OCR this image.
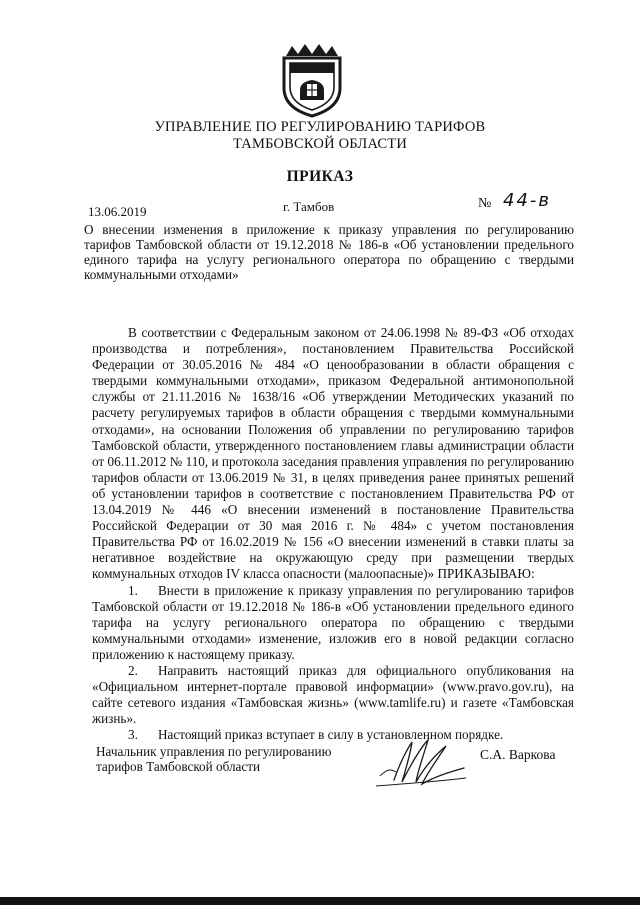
УПРАВЛЕНИЕ ПО РЕГУЛИРОВАНИЮ ТАРИФОВ
ТАМБОВСКОЙ ОБЛАСТИ
ПРИКАЗ
13.06.2019	г. Тамбов	№ 44-в
О внесении изменения в приложение к приказу управления по регулированию тарифов Тамбовской области от 19.12.2018 № 186-в «Об установлении предельного единого тарифа на услугу регионального оператора по обращению с твердыми коммунальными отходами»

В соответствии с Федеральным законом от 24.06.1998 № 89-ФЗ «Об отходах производства и потребления», постановлением Правительства Российской Федерации от 30.05.2016 № 484 «О ценообразовании в области обращения с твердыми коммунальными отходами», приказом Федеральной антимонопольной службы от 21.11.2016 № 1638/16 «Об утверждении Методических указаний по расчету регулируемых тарифов в области обращения с твердыми коммунальными отходами», на основании Положения об управлении по регулированию тарифов Тамбовской области, утвержденного постановлением главы администрации области от 06.11.2012 № 110, и протокола заседания правления управления по регулированию тарифов области от 13.06.2019 № 31, в целях приведения ранее принятых решений об установлении тарифов в соответствие с постановлением Правительства РФ от 13.04.2019 № 446 «О внесении изменений в постановление Правительства Российской Федерации от 30 мая 2016 г. № 484» с учетом постановления Правительства РФ от 16.02.2019 № 156 «О внесении изменений в ставки платы за негативное воздействие на окружающую среду при размещении твердых коммунальных отходов IV класса опасности (малоопасные)» ПРИКАЗЫВАЮ:

1. Внести в приложение к приказу управления по регулированию тарифов Тамбовской области от 19.12.2018 № 186-в «Об установлении предельного единого тарифа на услугу регионального оператора по обращению с твердыми коммунальными отходами» изменение, изложив его в новой редакции согласно приложению к настоящему приказу.

2. Направить настоящий приказ для официального опубликования на «Официальном интернет-портале правовой информации» (www.pravo.gov.ru), на сайте сетевого издания «Тамбовская жизнь» (www.tamlife.ru) и газете «Тамбовская жизнь».

3. Настоящий приказ вступает в силу в установленном порядке.

Начальник управления по регулированию
тарифов Тамбовской области
С.А. Варкова
